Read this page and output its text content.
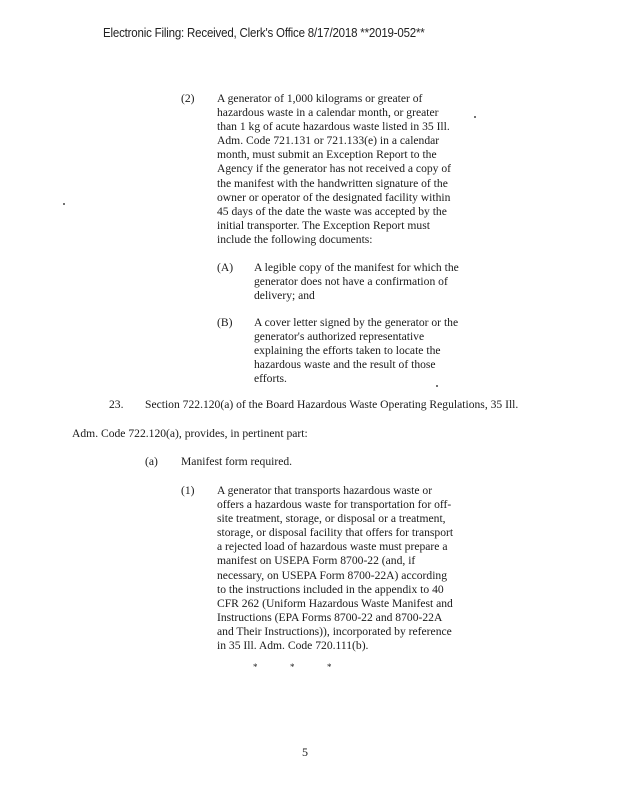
Electronic Filing: Received, Clerk's Office 8/17/2018 **2019-052**
(2) A generator of 1,000 kilograms or greater of

hazardous waste in a calendar month, or greater

than 1 kg of acute hazardous waste listed in 35 Ill.

Adm. Code 721.131 or 721.133(e) in a calendar

month, must submit an Exception Report to the

Agency if the generator has not received a copy of

the manifest with the handwritten signature of the

owner or operator of the designated facility within

45 days of the date the waste was accepted by the

initial transporter. The Exception Report must

include the following documents:

(A) A legible copy of the manifest for which the

generator does not have a confirmation of

delivery; and

(B) A cover letter signed by the generator or the

generator's authorized representative

explaining the efforts taken to locate the

hazardous waste and the result of those

efforts.

23. Section 722.120(a) of the Board Hazardous Waste Operating Regulations, 35 Ill.
Adm. Code 722.120(a), provides, in pertinent part:
(a) Manifest form required.
(1) A generator that transports hazardous waste or

offers a hazardous waste for transportation for off-

site treatment, storage, or disposal or a treatment,

storage, or disposal facility that offers for transport

a rejected load of hazardous waste must prepare a

manifest on USEPA Form 8700-22 (and, if

necessary, on USEPA Form 8700-22A) according

to the instructions included in the appendix to 40

CFR 262 (Uniform Hazardous Waste Manifest and

Instructions (EPA Forms 8700-22 and 8700-22A

and Their Instructions)), incorporated by reference

in 35 Ill. Adm. Code 720.111(b).

*	*	*
5
